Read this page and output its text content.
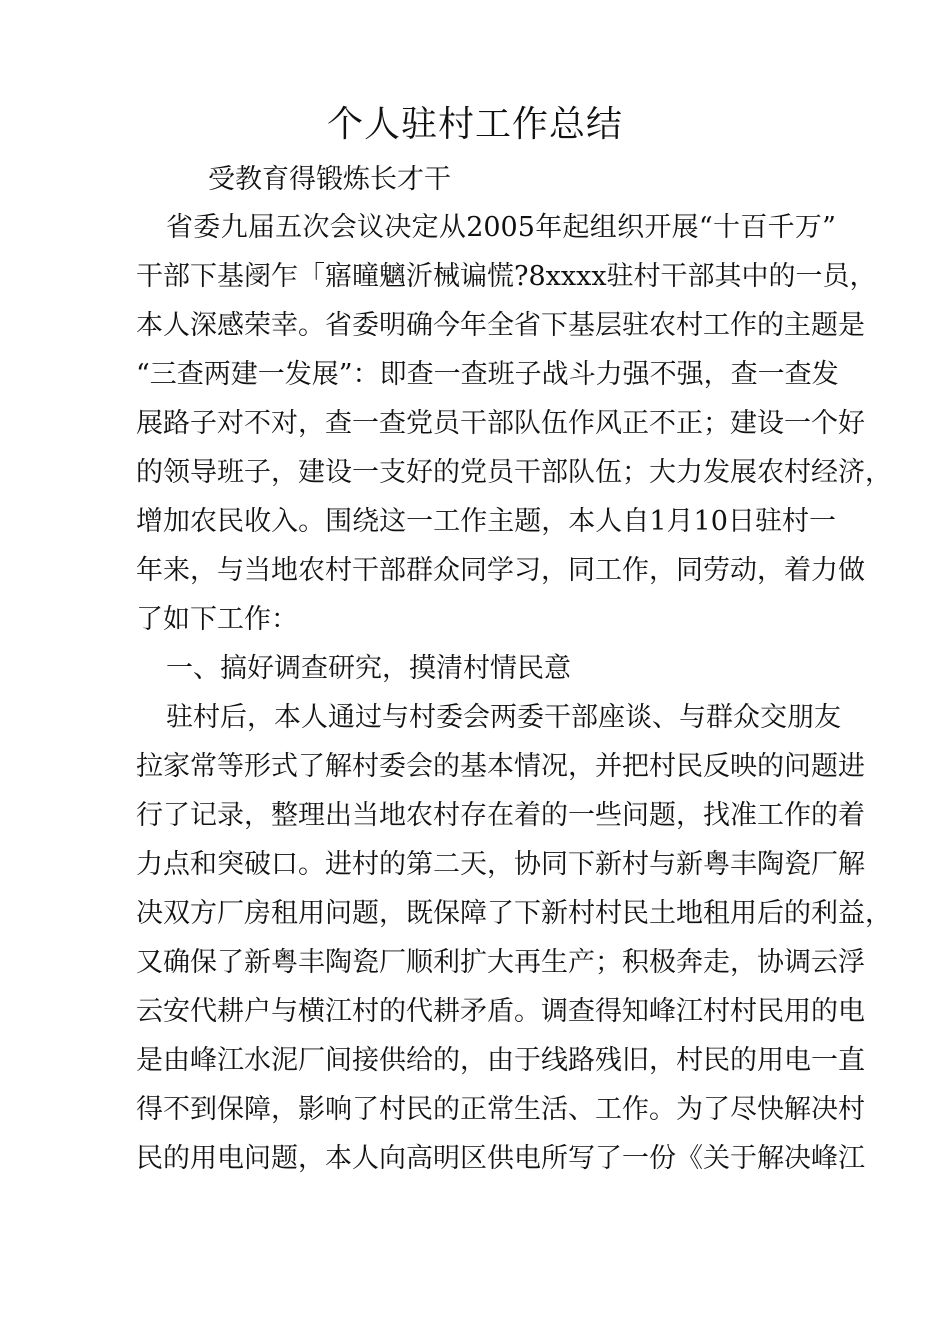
个人驻村工作总结
受教育得锻炼长才干
省委九届五次会议决定从2005年起组织开展“十百千万”
干部下基阌乍「寤曈魑沂械谝慌?8xxxx驻村干部其中的一员，
本人深感荣幸。省委明确今年全省下基层驻农村工作的主题是
“三查两建一发展”：即查一查班子战斗力强不强，查一查发
展路子对不对，查一查党员干部队伍作风正不正；建设一个好
的领导班子，建设一支好的党员干部队伍；大力发展农村经济，
增加农民收入。围绕这一工作主题，本人自1月10日驻村一
年来，与当地农村干部群众同学习，同工作，同劳动，着力做
了如下工作：
一、搞好调查研究，摸清村情民意
驻村后，本人通过与村委会两委干部座谈、与群众交朋友
拉家常等形式了解村委会的基本情况，并把村民反映的问题进
行了记录，整理出当地农村存在着的一些问题，找准工作的着
力点和突破口。进村的第二天，协同下新村与新粤丰陶瓷厂解
决双方厂房租用问题，既保障了下新村村民土地租用后的利益，
又确保了新粤丰陶瓷厂顺利扩大再生产；积极奔走，协调云浮
云安代耕户与横江村的代耕矛盾。调查得知峰江村村民用的电
是由峰江水泥厂间接供给的，由于线路残旧，村民的用电一直
得不到保障，影响了村民的正常生活、工作。为了尽快解决村
民的用电问题，本人向高明区供电所写了一份《关于解决峰江
